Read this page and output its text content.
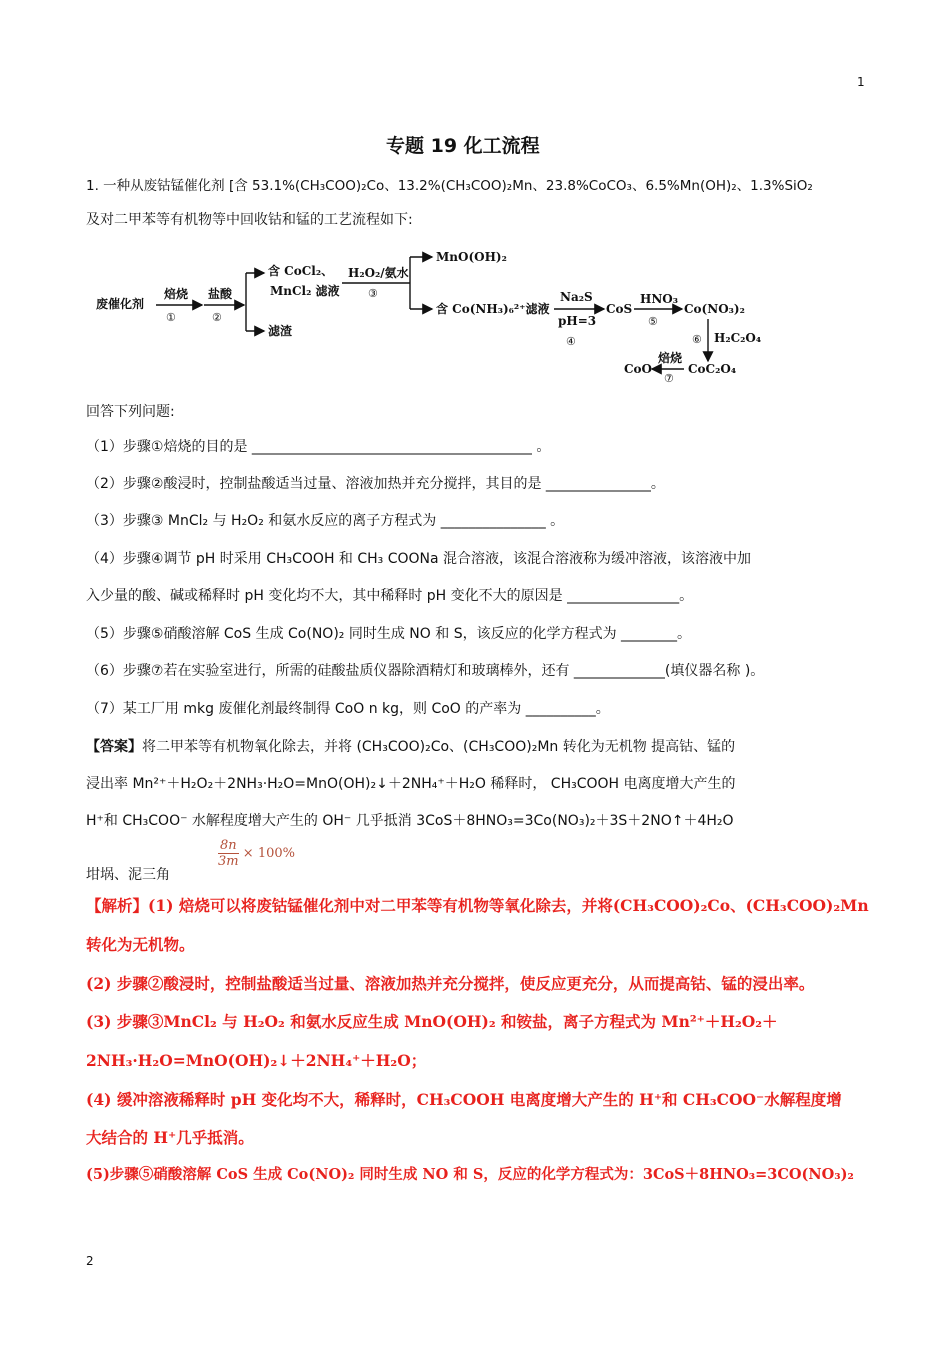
1
2
专题 19 化工流程
1. 一种从废钴锰催化剂 [含 53.1%(CH₃COO)₂Co、13.2%(CH₃COO)₂Mn、23.8%CoCO₃、6.5%Mn(OH)₂、1.3%SiO₂
及对二甲苯等有机物等中回收钴和锰的工艺流程如下:
废催化剂
焙烧
①
盐酸
②
含 CoCl₂、
MnCl₂ 滤液
滤渣
H₂O₂/氨水
③
MnO(OH)₂
含 Co(NH₃)₆²⁺滤液
Na₂S
pH=3
④
CoS
HNO₃
⑤
Co(NO₃)₂
⑥ H₂C₂O₄
CoC₂O₄
焙烧
⑦
CoO
回答下列问题:
（1）步骤①焙烧的目的是 ________________________________________ 。
（2）步骤②酸浸时，控制盐酸适当过量、溶液加热并充分搅拌，其目的是 _______________。
（3）步骤③ MnCl₂ 与 H₂O₂ 和氨水反应的离子方程式为 _______________ 。
（4）步骤④调节 pH 时采用 CH₃COOH 和 CH₃ COONa 混合溶液，该混合溶液称为缓冲溶液，该溶液中加
入少量的酸、碱或稀释时 pH 变化均不大，其中稀释时 pH 变化不大的原因是 ________________。
（5）步骤⑤硝酸溶解 CoS 生成 Co(NO)₂ 同时生成 NO 和 S，该反应的化学方程式为 ________。
（6）步骤⑦若在实验室进行，所需的硅酸盐质仪器除酒精灯和玻璃棒外，还有 _____________(填仪器名称 )。
（7）某工厂用 mkg 废催化剂最终制得 CoO n kg，则 CoO 的产率为 __________。
【答案】将二甲苯等有机物氧化除去，并将 (CH₃COO)₂Co、(CH₃COO)₂Mn 转化为无机物 提高钴、锰的
浸出率 Mn²⁺＋H₂O₂＋2NH₃·H₂O=MnO(OH)₂↓＋2NH₄⁺＋H₂O 稀释时， CH₃COOH 电离度增大产生的
H⁺和 CH₃COO⁻ 水解程度增大产生的 OH⁻ 几乎抵消 3CoS＋8HNO₃=3Co(NO₃)₂＋3S＋2NO↑＋4H₂O
坩埚、泥三角
$\frac{8n}{3m} \times 100\%$
【解析】(1) 焙烧可以将废钴锰催化剂中对二甲苯等有机物等氧化除去，并将(CH₃COO)₂Co、(CH₃COO)₂Mn
转化为无机物。
(2) 步骤②酸浸时，控制盐酸适当过量、溶液加热并充分搅拌，使反应更充分，从而提高钴、锰的浸出率。
(3) 步骤③MnCl₂ 与 H₂O₂ 和氨水反应生成 MnO(OH)₂ 和铵盐，离子方程式为 Mn²⁺＋H₂O₂＋
2NH₃·H₂O=MnO(OH)₂↓＋2NH₄⁺＋H₂O；
(4) 缓冲溶液稀释时 pH 变化均不大，稀释时，CH₃COOH 电离度增大产生的 H⁺和 CH₃COO⁻水解程度增
大结合的 H⁺几乎抵消。
(5)步骤⑤硝酸溶解 CoS 生成 Co(NO)₂ 同时生成 NO 和 S，反应的化学方程式为：3CoS＋8HNO₃=3CO(NO₃)₂
